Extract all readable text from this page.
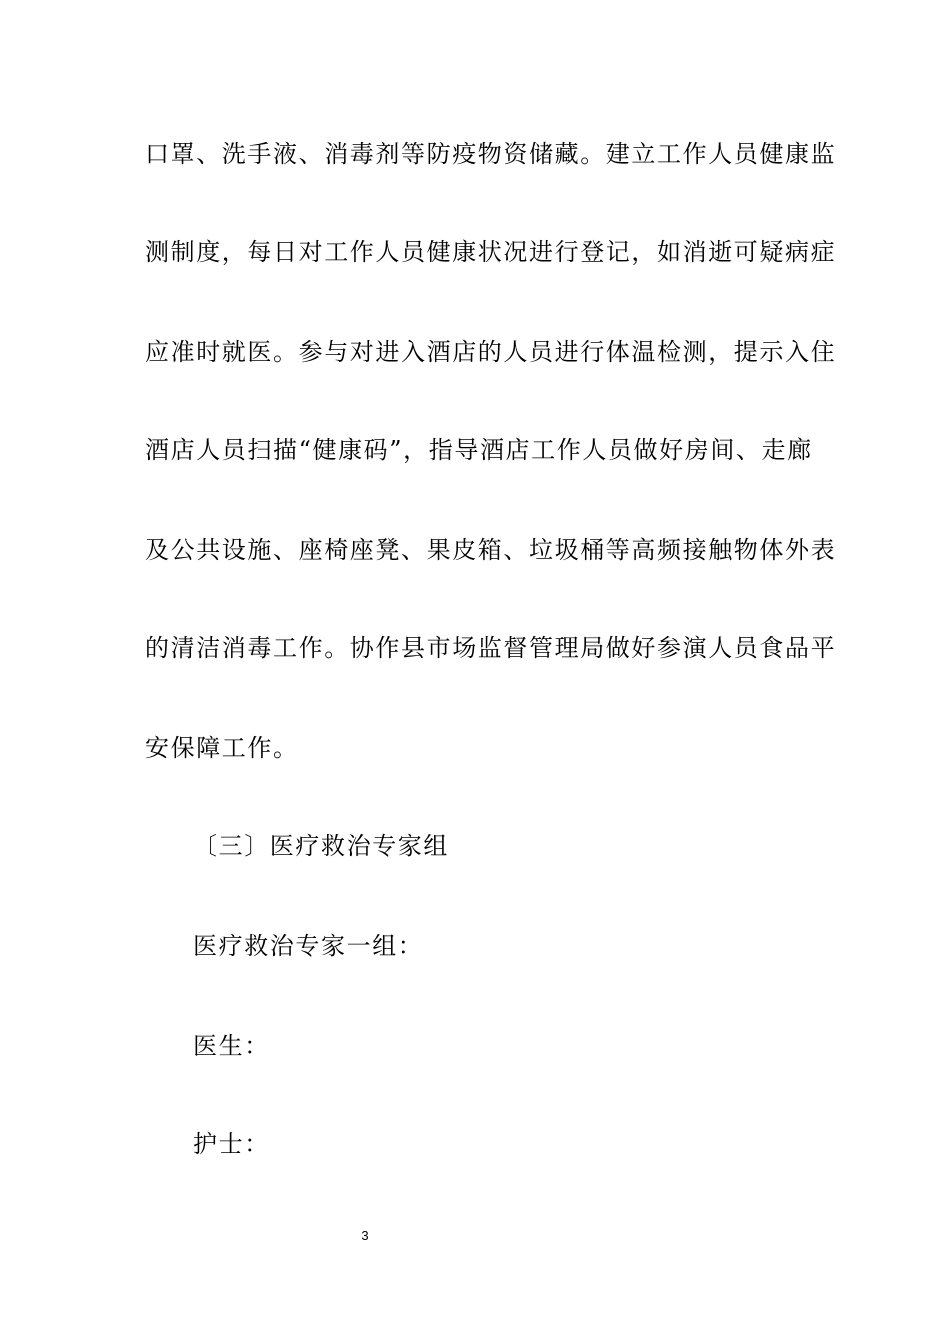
口罩、洗手液、消毒剂等防疫物资储藏。建立工作人员健康监
测制度，每日对工作人员健康状况进行登记，如消逝可疑病症
应准时就医。参与对进入酒店的人员进行体温检测，提示入住
酒店人员扫描“健康码”，指导酒店工作人员做好房间、走廊
及公共设施、座椅座凳、果皮箱、垃圾桶等高频接触物体外表
的清洁消毒工作。协作县市场监督管理局做好参演人员食品平
安保障工作。
〔三〕医疗救治专家组
医疗救治专家一组：
医生：
护士：
3
